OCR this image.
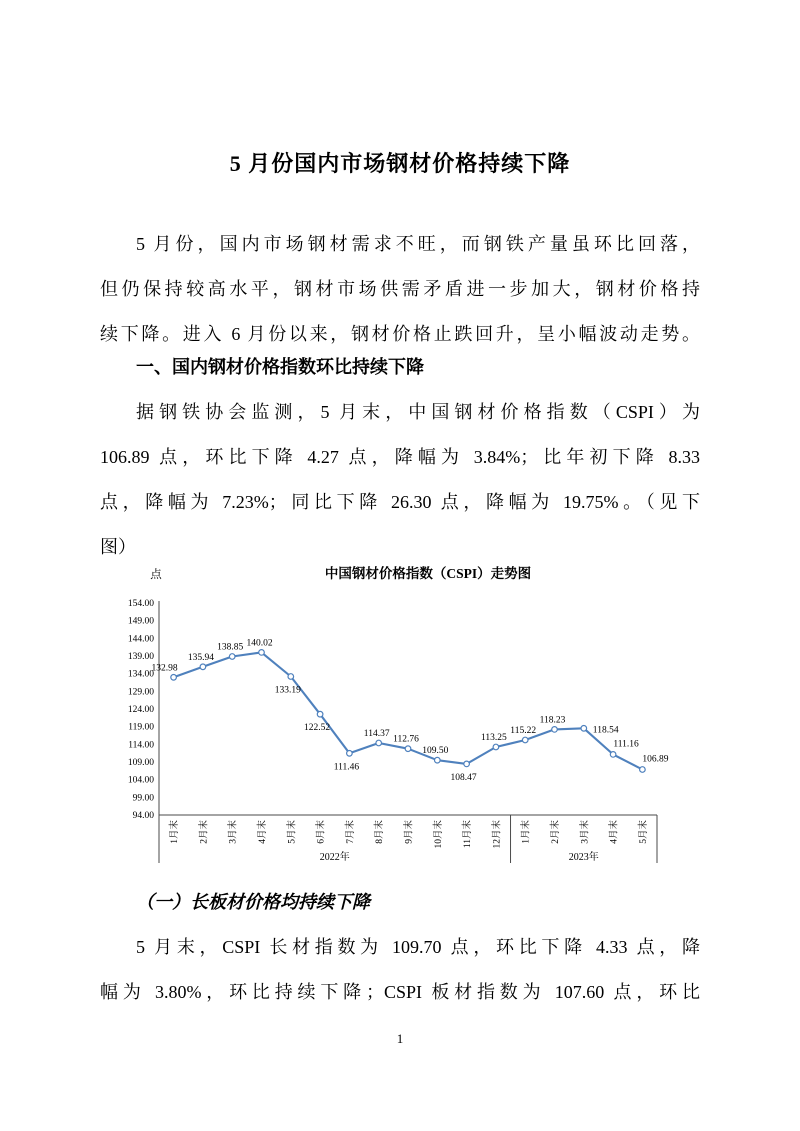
5 月份国内市场钢材价格持续下降
5 月份，国内市场钢材需求不旺，而钢铁产量虽环比回落，
但仍保持较高水平，钢材市场供需矛盾进一步加大，钢材价格持
续下降。进入 6 月份以来，钢材价格止跌回升，呈小幅波动走势。
一、国内钢材价格指数环比持续下降
据钢铁协会监测，5 月末，中国钢材价格指数（CSPI）为
106.89 点，环比下降 4.27 点，降幅为 3.84%；比年初下降 8.33
点，降幅为 7.23%；同比下降 26.30 点，降幅为 19.75%。（见下
图）
中国钢材价格指数（CSPI）走势图
点
154.00
149.00
144.00
139.00
134.00
129.00
124.00
119.00
114.00
109.00
104.00
99.00
94.00
2022年	2023年
1月末 2月末 3月末 4月末 5月末 6月末 7月末 8月末 9月末 10月末 11月末 12月末 1月末 2月末 3月末 4月末 5月末
132.98
135.94
138.85 140.02
133.19
122.52
111.46
114.37
112.76
109.50
108.47
113.25
115.22
118.23
118.54
111.16
106.89
（一）长板材价格均持续下降
5 月末，CSPI 长材指数为 109.70 点，环比下降 4.33 点，降
幅为 3.80%，环比持续下降；CSPI 板材指数为 107.60 点，环比
1
